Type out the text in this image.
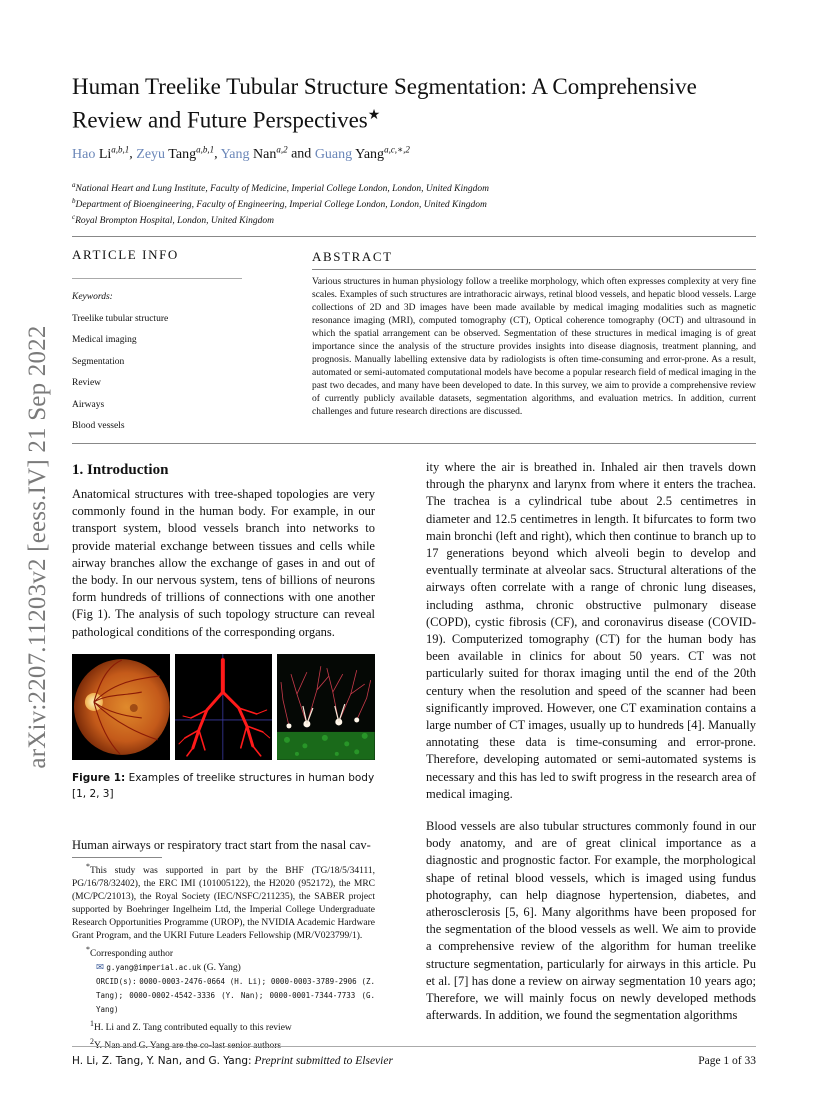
arXiv:2207.11203v2 [eess.IV] 21 Sep 2022
Human Treelike Tubular Structure Segmentation: A Comprehensive
Review and Future Perspectives★
Hao Li$^{a,b,1}$, Zeyu Tang$^{a,b,1}$, Yang Nan$^{a,2}$ and Guang Yang$^{a,c,∗,2}$
$^a$National Heart and Lung Institute, Faculty of Medicine, Imperial College London, London, United Kingdom
$^b$Department of Bioengineering, Faculty of Engineering, Imperial College London, London, United Kingdom
$^c$Royal Brompton Hospital, London, United Kingdom
ARTICLE INFO
Keywords:
Treelike tubular structure
Medical imaging
Segmentation
Review
Airways
Blood vessels
ABSTRACT
Various structures in human physiology follow a treelike morphology, which often expresses complexity at very fine scales. Examples of such structures are intrathoracic airways, retinal blood vessels, and hepatic blood vessels. Large collections of 2D and 3D images have been made available by medical imaging modalities such as magnetic resonance imaging (MRI), computed tomography (CT), Optical coherence tomography (OCT) and ultrasound in which the spatial arrangement can be observed. Segmentation of these structures in medical imaging is of great importance since the analysis of the structure provides insights into disease diagnosis, treatment planning, and prognosis. Manually labelling extensive data by radiologists is often time-consuming and error-prone. As a result, automated or semi-automated computational models have become a popular research field of medical imaging in the past two decades, and many have been developed to date. In this survey, we aim to provide a comprehensive review of currently publicly available datasets, segmentation algorithms, and evaluation metrics. In addition, current challenges and future research directions are discussed.
1. Introduction
Anatomical structures with tree-shaped topologies are very commonly found in the human body. For example, in our transport system, blood vessels branch into networks to provide material exchange between tissues and cells while airway branches allow the exchange of gases in and out of the body. In our nervous system, tens of billions of neurons form hundreds of trillions of connections with one another (Fig 1). The analysis of such topology structure can reveal pathological conditions of the corresponding organs.
Figure 1: Examples of treelike structures in human body [1, 2, 3]
Human airways or respiratory tract start from the nasal cav-
*This study was supported in part by the BHF (TG/18/5/34111, PG/16/78/32402), the ERC IMI (101005122), the H2020 (952172), the MRC (MC/PC/21013), the Royal Society (IEC/NSFC/211235), the SABER project supported by Boehringer Ingelheim Ltd, the Imperial College Undergraduate Research Opportunities Programme (UROP), the NVIDIA Academic Hardware Grant Program, and the UKRI Future Leaders Fellowship (MR/V023799/1).
*Corresponding author
✉ g.yang@imperial.ac.uk (G. Yang)
ORCID(s): 0000-0003-2476-0664 (H. Li); 0000-0003-3789-2906 (Z. Tang); 0000-0002-4542-3336 (Y. Nan); 0000-0001-7344-7733 (G. Yang)
$^1$H. Li and Z. Tang contributed equally to this review
$^2$
ity where the air is breathed in. Inhaled air then travels down through the pharynx and larynx from where it enters the trachea. The trachea is a cylindrical tube about 2.5 centimetres in diameter and 12.5 centimetres in length. It bifurcates to form two main bronchi (left and right), which then continue to branch up to 17 generations beyond which alveoli begin to develop and eventually terminate at alveolar sacs. Structural alterations of the airways often correlate with a range of chronic lung diseases, including asthma, chronic obstructive pulmonary disease (COPD), cystic fibrosis (CF), and coronavirus disease (COVID-19). Computerized tomography (CT) for the human body has been available in clinics for about 50 years. CT was not particularly suited for thorax imaging until the end of the 20th century when the resolution and speed of the scanner had been significantly improved. However, one CT examination contains a large number of CT images, usually up to hundreds [4]. Manually annotating these data is time-consuming and error-prone. Therefore, developing automated or semi-automated systems is necessary and this has led to swift progress in the research area of medical imaging.
Blood vessels are also tubular structures commonly found in our body anatomy, and are of great clinical importance as a diagnostic and prognostic factor. For example, the morphological shape of retinal blood vessels, which is imaged using fundus photography, can help diagnose hypertension, diabetes, and atherosclerosis [5, 6]. Many algorithms have been proposed for the segmentation of the blood vessels as well. We aim to provide a comprehensive review of the algorithm for human treelike structure segmentation, particularly for airways in this article. Pu et al. [7] has done a review on airway segmentation 10 years ago; Therefore, we will mainly focus on newly developed methods afterwards. In addition, we found the segmentation algorithms
H. Li, Z. Tang, Y. Nan, and G. Yang: Preprint submitted to Elsevier	Page 1 of 33
